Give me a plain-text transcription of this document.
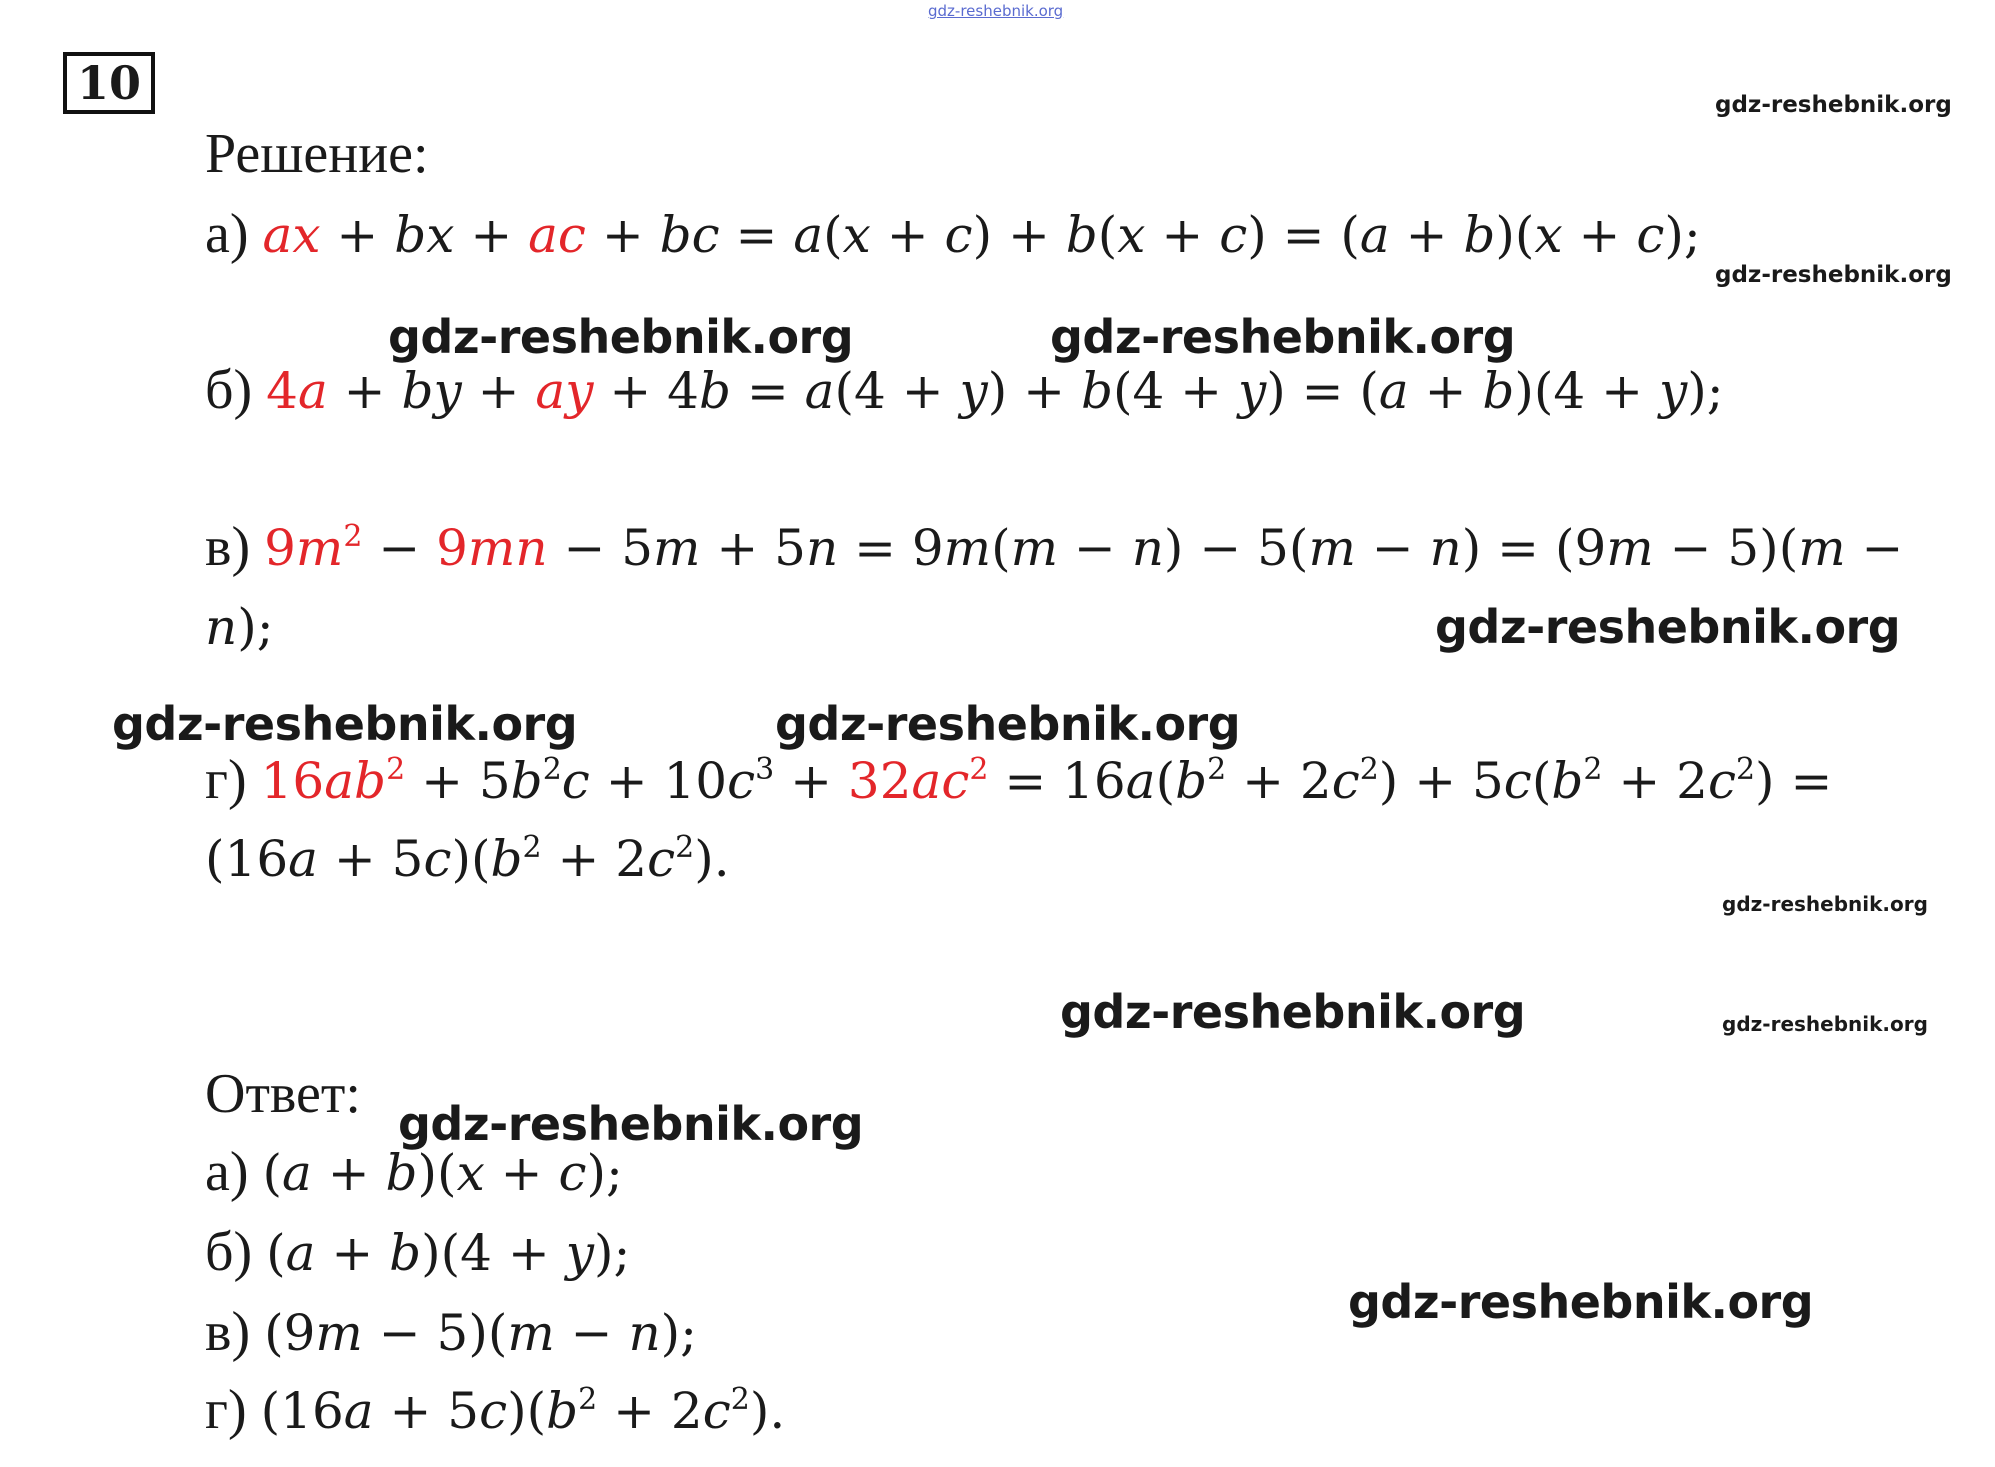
gdz-reshebnik.org
10	gdz-reshebnik.org
gdz-reshebnik.org
gdz-reshebnik.org	gdz-reshebnik.org
gdz-reshebnik.org
gdz-reshebnik.org	gdz-reshebnik.org
gdz-reshebnik.org
gdz-reshebnik.org	gdz-reshebnik.org
gdz-reshebnik.org
gdz-reshebnik.org
Решение:
а) ax + bx + ac + bc = a(x + c) + b(x + c) = (a + b)(x + c);
б) 4a + by + ay + 4b = a(4 + y) + b(4 + y) = (a + b)(4 + y);
в) $9m^2 - 9mn - 5m + 5n = 9m(m - n) - 5(m - n) = (9m - 5)(m$ −
n);
г) $16ab^2 + 5b^2c + 10c^3 + 32ac^2 = 16a(b^2 + 2c^2) + 5c(b^2 + 2c^2)$ =
$(16a + 5c)(b^2 + 2c^2)$.
Ответ:
а) (a + b)(x + c);
б) (a + b)(4 + y);
в) (9m − 5)(m − n);
г) $(16a + 5c)(b^2 + 2c^2)$.
